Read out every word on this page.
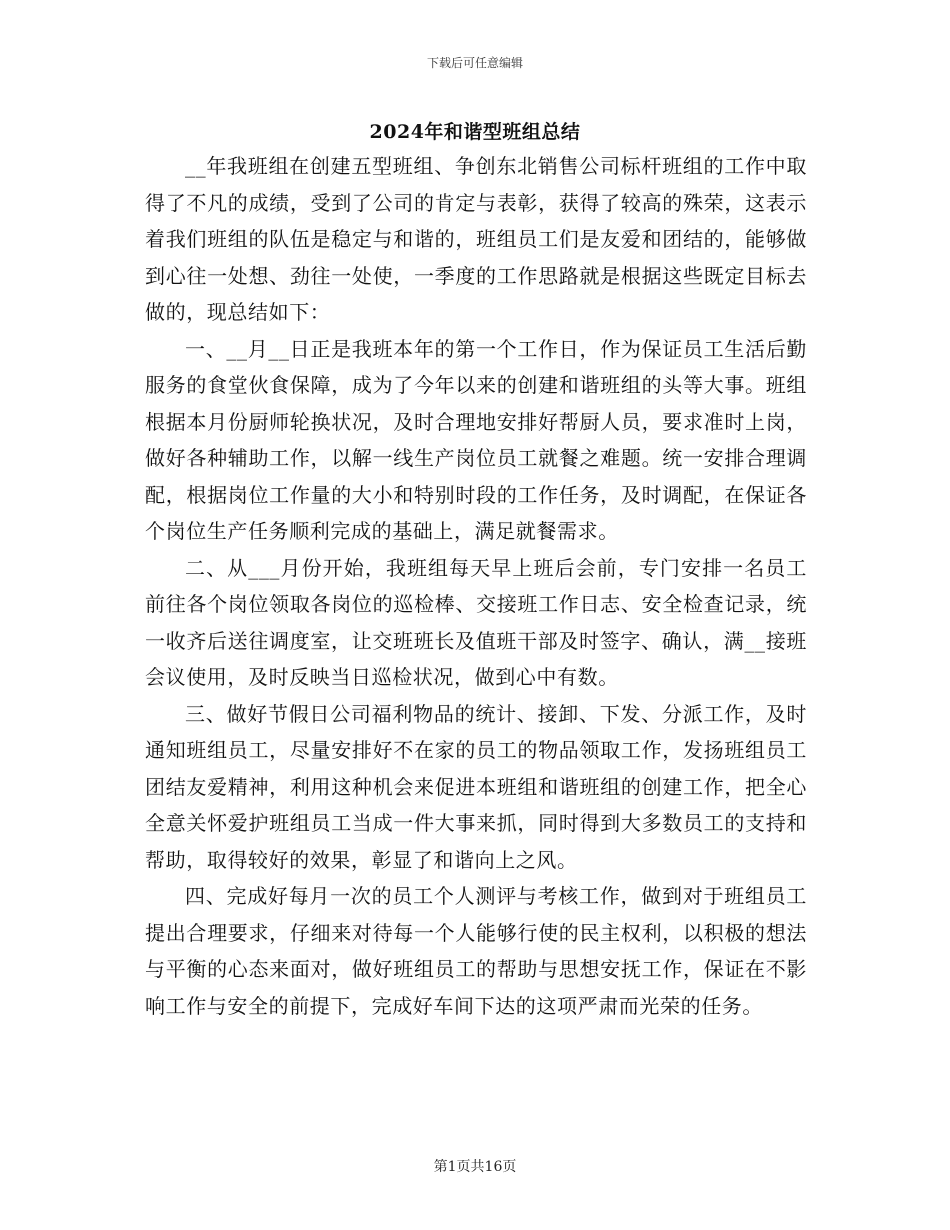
下载后可任意编辑
2024年和谐型班组总结

__年我班组在创建五型班组、争创东北销售公司标杆班组的工作中取得了不凡的成绩，受到了公司的肯定与表彰，获得了较高的殊荣，这表示着我们班组的队伍是稳定与和谐的，班组员工们是友爱和团结的，能够做到心往一处想、劲往一处使，一季度的工作思路就是根据这些既定目标去做的，现总结如下：

一、__月__日正是我班本年的第一个工作日，作为保证员工生活后勤服务的食堂伙食保障，成为了今年以来的创建和谐班组的头等大事。班组根据本月份厨师轮换状况，及时合理地安排好帮厨人员，要求准时上岗，做好各种辅助工作，以解一线生产岗位员工就餐之难题。统一安排合理调配，根据岗位工作量的大小和特别时段的工作任务，及时调配，在保证各个岗位生产任务顺利完成的基础上，满足就餐需求。

二、从___月份开始，我班组每天早上班后会前，专门安排一名员工前往各个岗位领取各岗位的巡检棒、交接班工作日志、安全检查记录，统一收齐后送往调度室，让交班班长及值班干部及时签字、确认，满__接班会议使用，及时反映当日巡检状况，做到心中有数。

三、做好节假日公司福利物品的统计、接卸、下发、分派工作，及时通知班组员工，尽量安排好不在家的员工的物品领取工作，发扬班组员工团结友爱精神，利用这种机会来促进本班组和谐班组的创建工作，把全心全意关怀爱护班组员工当成一件大事来抓，同时得到大多数员工的支持和帮助，取得较好的效果，彰显了和谐向上之风。

四、完成好每月一次的员工个人测评与考核工作，做到对于班组员工提出合理要求，仔细来对待每一个人能够行使的民主权利，以积极的想法与平衡的心态来面对，做好班组员工的帮助与思想安抚工作，保证在不影响工作与安全的前提下，完成好车间下达的这项严肃而光荣的任务。

第1页共16页
